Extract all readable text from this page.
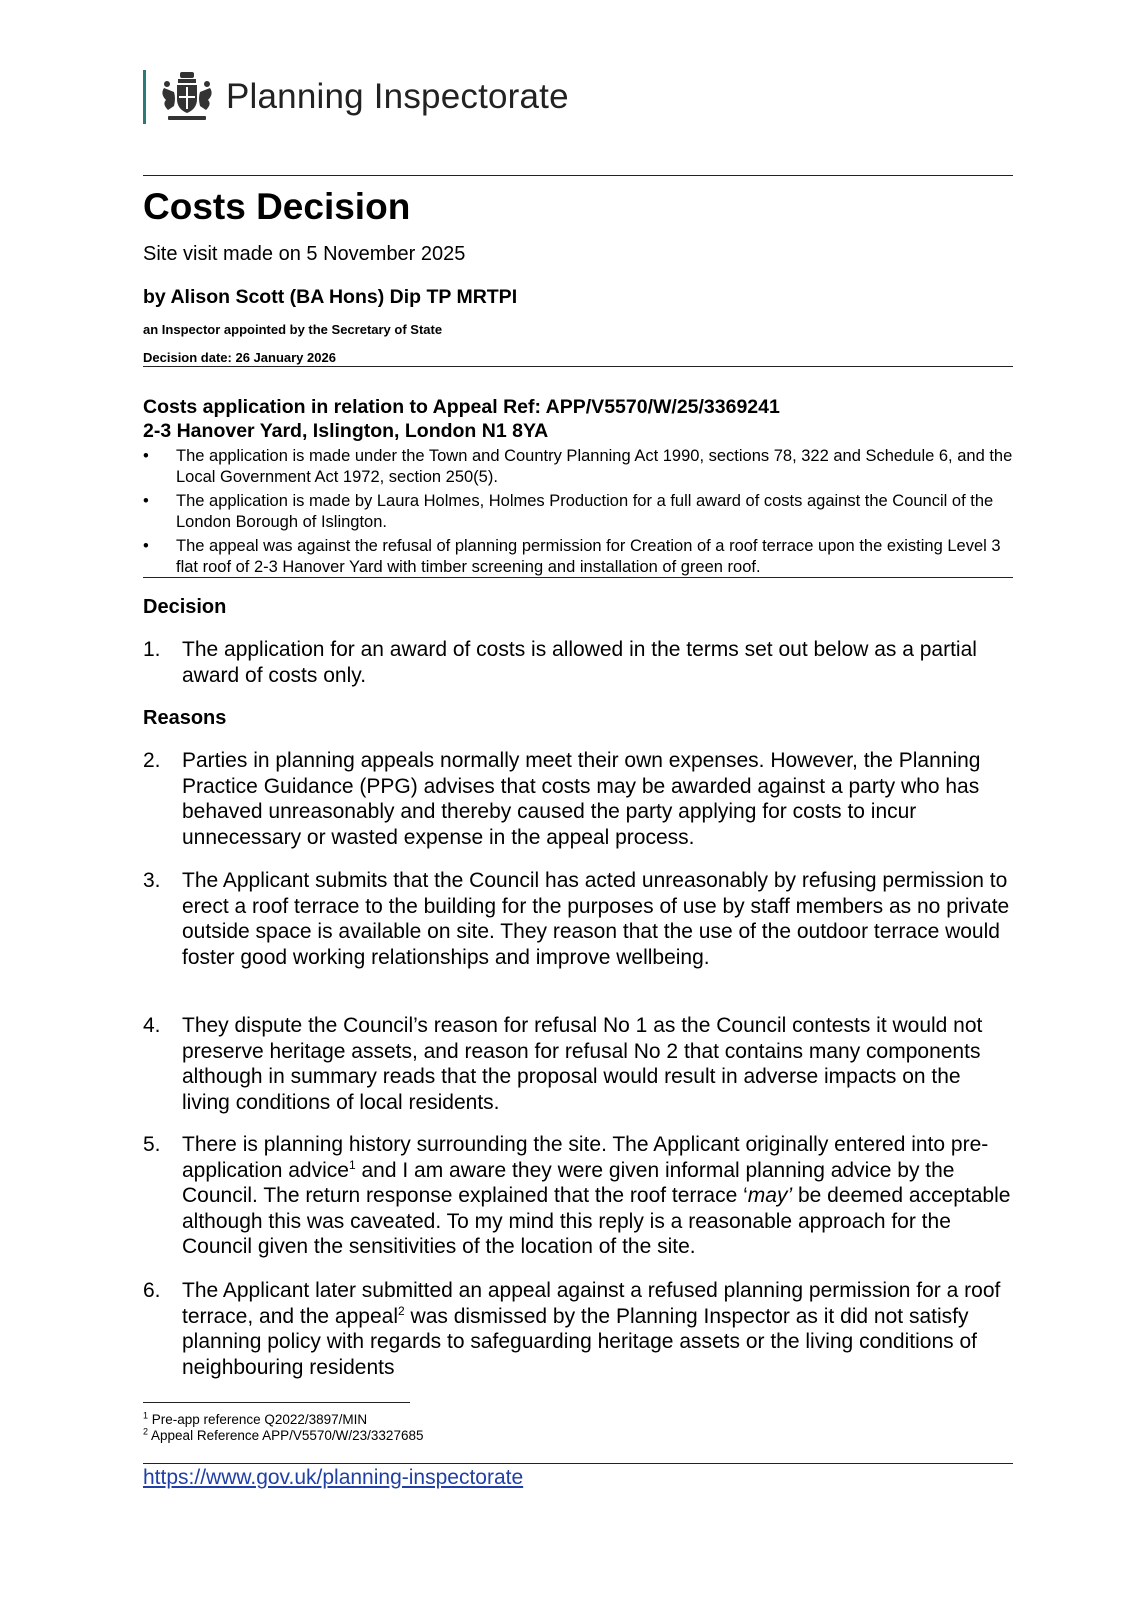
Planning Inspectorate
Costs Decision
Site visit made on 5 November 2025
by Alison Scott (BA Hons) Dip TP MRTPI
an Inspector appointed by the Secretary of State
Decision date: 26 January 2026
Costs application in relation to Appeal Ref: APP/V5570/W/25/3369241
2-3 Hanover Yard, Islington, London N1 8YA
• The application is made under the Town and Country Planning Act 1990, sections 78, 322 and Schedule 6, and the Local Government Act 1972, section 250(5).
• The application is made by Laura Holmes, Holmes Production for a full award of costs against the Council of the London Borough of Islington.
• The appeal was against the refusal of planning permission for Creation of a roof terrace upon the existing Level 3 flat roof of 2-3 Hanover Yard with timber screening and installation of green roof.
Decision
1. The application for an award of costs is allowed in the terms set out below as a partial award of costs only.
Reasons
2. Parties in planning appeals normally meet their own expenses. However, the Planning Practice Guidance (PPG) advises that costs may be awarded against a party who has behaved unreasonably and thereby caused the party applying for costs to incur unnecessary or wasted expense in the appeal process.
3. The Applicant submits that the Council has acted unreasonably by refusing permission to erect a roof terrace to the building for the purposes of use by staff members as no private outside space is available on site. They reason that the use of the outdoor terrace would foster good working relationships and improve wellbeing.
4. They dispute the Council’s reason for refusal No 1 as the Council contests it would not preserve heritage assets, and reason for refusal No 2 that contains many components although in summary reads that the proposal would result in adverse impacts on the living conditions of local residents.
5. There is planning history surrounding the site. The Applicant originally entered into pre-application advice$^1$ and I am aware they were given informal planning advice by the Council. The return response explained that the roof terrace ‘may’ be deemed acceptable although this was caveated. To my mind this reply is a reasonable approach for the Council given the sensitivities of the location of the site.
6. The Applicant later submitted an appeal against a refused planning permission for a roof terrace, and the appeal$^2$ was dismissed by the Planning Inspector as it did not satisfy planning policy with regards to safeguarding heritage assets or the living conditions of neighbouring residents
$^1$ Pre-app reference Q2022/3897/MIN
$^2$ Appeal Reference APP/V5570/W/23/3327685
https://www.gov.uk/planning-inspectorate
